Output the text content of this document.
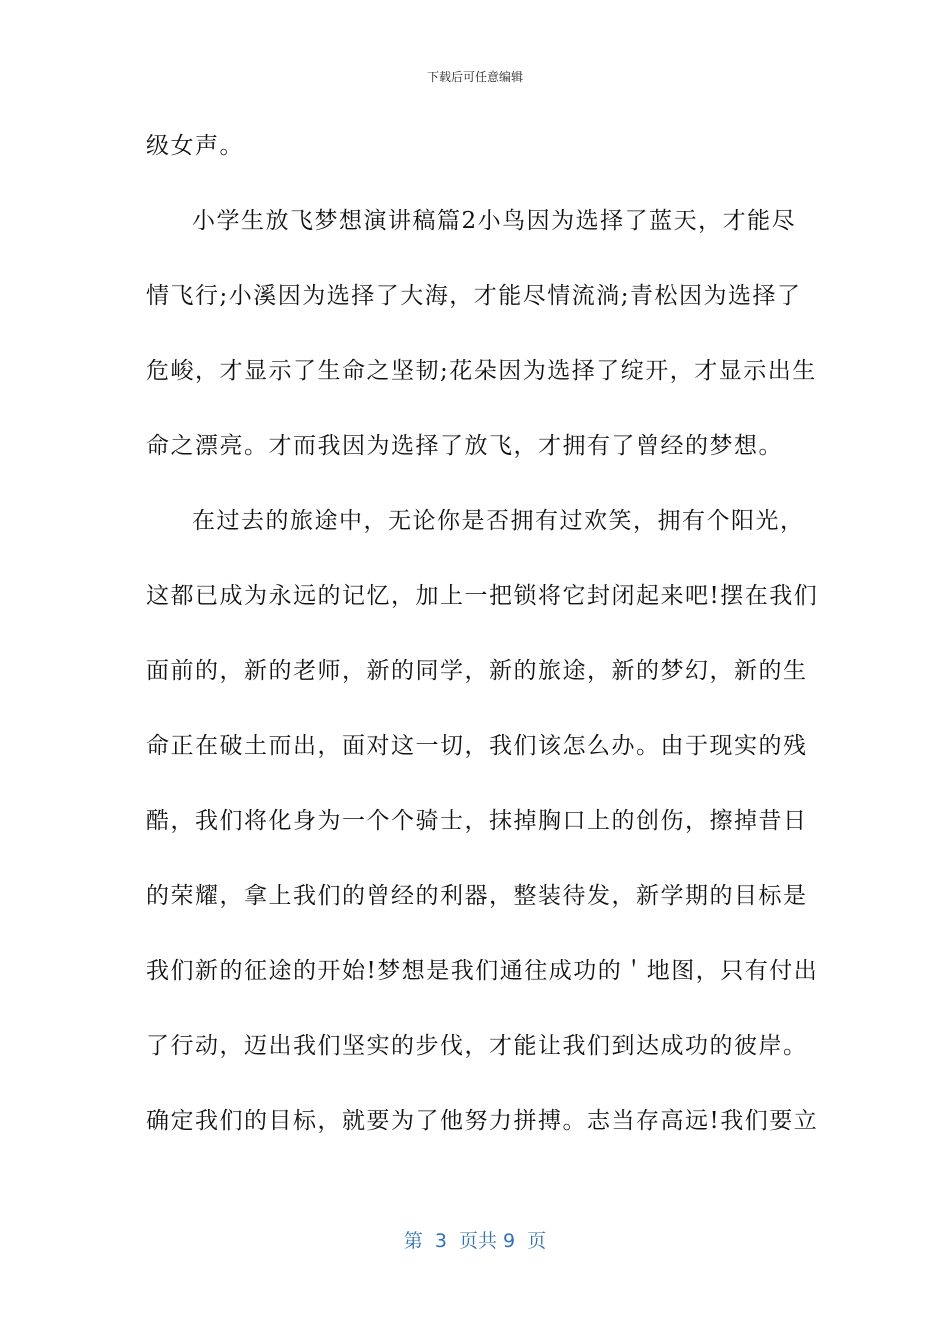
下载后可任意编辑
级女声。
小学生放飞梦想演讲稿篇2小鸟因为选择了蓝天，才能尽
情飞行;小溪因为选择了大海，才能尽情流淌;青松因为选择了
危峻，才显示了生命之坚韧;花朵因为选择了绽开，才显示出生
命之漂亮。才而我因为选择了放飞，才拥有了曾经的梦想。
在过去的旅途中，无论你是否拥有过欢笑，拥有个阳光，
这都已成为永远的记忆，加上一把锁将它封闭起来吧!摆在我们
面前的，新的老师，新的同学，新的旅途，新的梦幻，新的生
命正在破土而出，面对这一切，我们该怎么办。由于现实的残
酷，我们将化身为一个个骑士，抹掉胸口上的创伤，擦掉昔日
的荣耀，拿上我们的曾经的利器，整装待发，新学期的目标是
我们新的征途的开始!梦想是我们通往成功的＇地图，只有付出
了行动，迈出我们坚实的步伐，才能让我们到达成功的彼岸。
确定我们的目标，就要为了他努力拼搏。志当存高远!我们要立
第  3  页共 9  页
